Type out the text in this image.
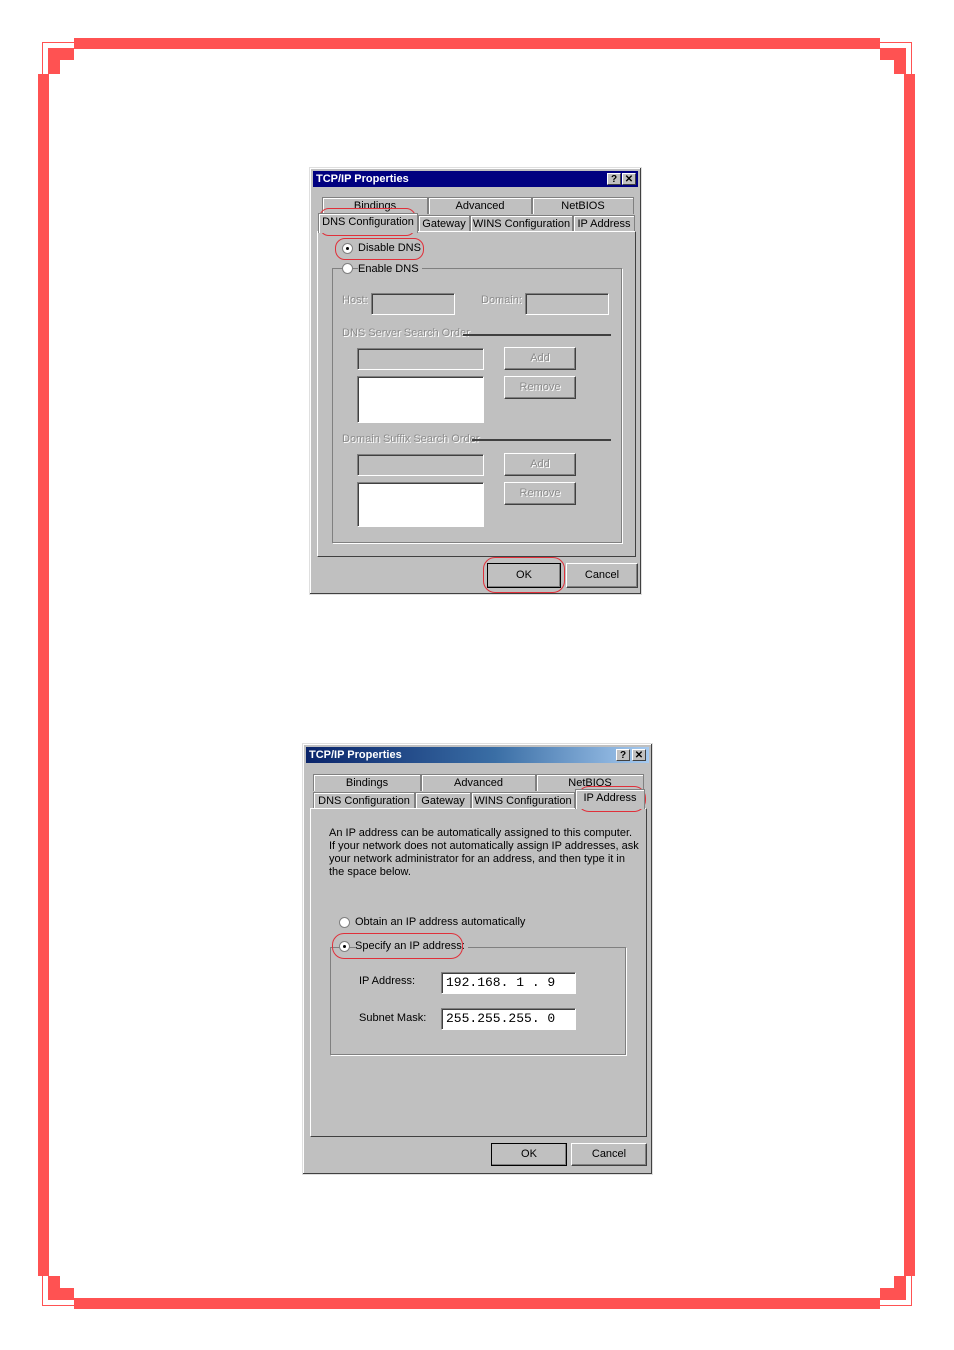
TCP/IP Properties	? ✕
Bindings	Advanced	NetBIOS
DNS Configuration Gateway WINS Configuration IP Address
Disable DNS
Enable DNS
Host:	Domain:
DNS Server Search Order
Add
Remove
Domain Suffix Search Order
Add
Remove
OK	Cancel
TCP/IP Properties	? ✕
Bindings	Advanced	NetBIOS
DNS Configuration	Gateway WINS Configuration	IP Address
An IP address can be automatically assigned to this computer.
If your network does not automatically assign IP addresses, ask
your network administrator for an address, and then type it in
the space below.
Obtain an IP address automatically
Specify an IP address:
IP Address:	192.168. 1 . 9
Subnet Mask:	255.255.255. 0
OK	Cancel
